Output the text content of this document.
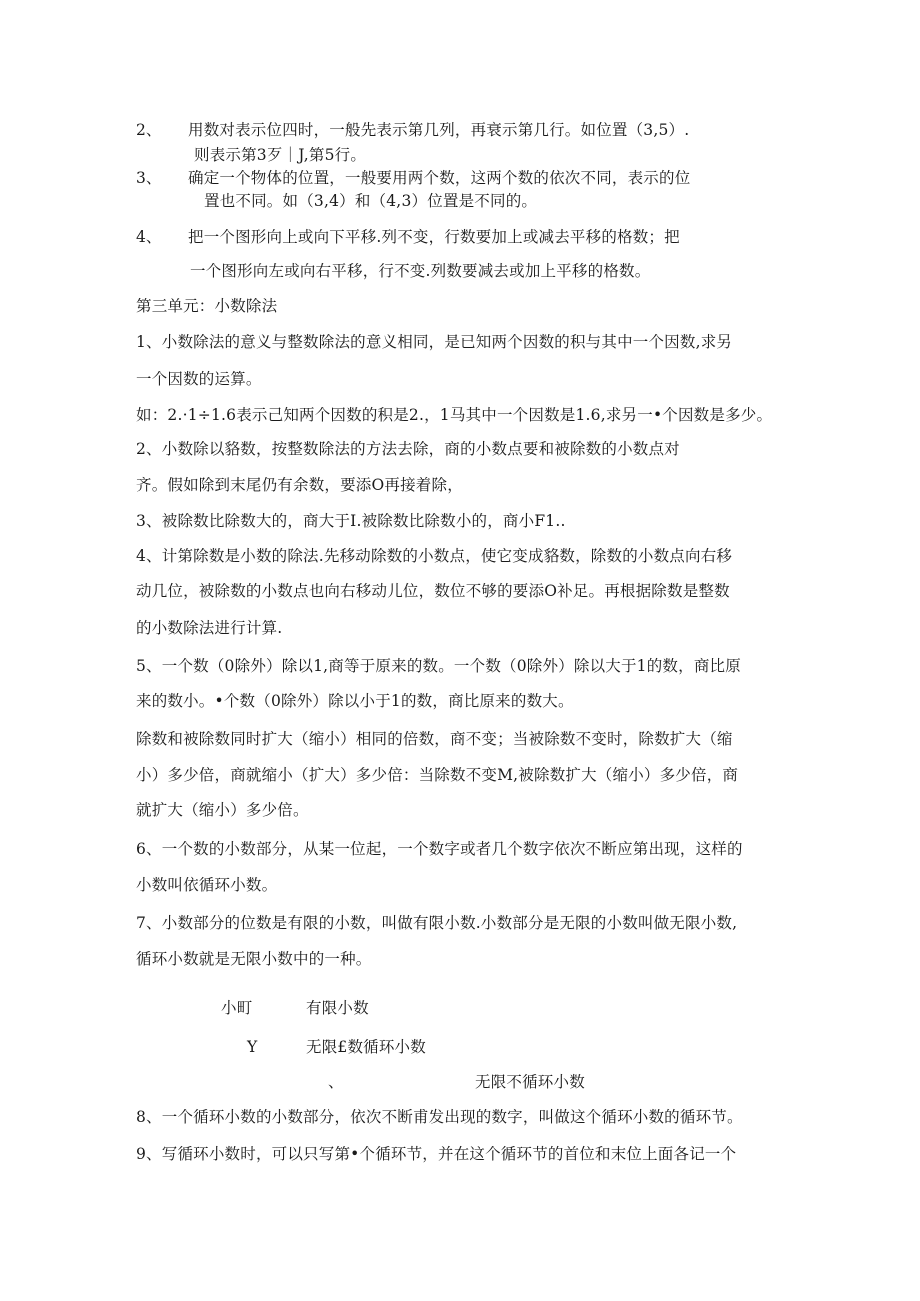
2、 用数对表示位四时，一般先表示第几列，再衰示第几行。如位置（3,5）.
则表示第3歹｜J,第5行。
3、 确定一个物体的位置，一般要用两个数，这两个数的依次不同，表示的位
置也不同。如（3,4）和（4,3）位置是不同的。
4、 把一个图形向上或向下平移.列不变，行数要加上或减去平移的格数；把
一个图形向左或向右平移，行不变.列数要减去或加上平移的格数。
第三单元：小数除法
1、小数除法的意义与整数除法的意义相同，是已知两个因数的积与其中一个因数,求另
一个因数的运算。
如：2.·1÷1.6表示己知两个因数的积是2.，1马其中一个因数是1.6,求另一•个因数是多少。
2、小数除以貉数，按整数除法的方法去除，商的小数点要和被除数的小数点对
齐。假如除到末尾仍有余数，要添O再接着除，
3、被除数比除数大的，商大于I.被除数比除数小的，商小F1..
4、计第除数是小数的除法.先移动除数的小数点，使它变成貉数，除数的小数点向右移
动几位，被除数的小数点也向右移动儿位，数位不够的要添O补足。再根据除数是整数
的小数除法进行计算.
5、一个数（0除外）除以1,商等于原来的数。一个数（0除外）除以大于1的数，商比原
来的数小。•个数（0除外）除以小于1的数，商比原来的数大。
除数和被除数同时扩大（缩小）相同的倍数，商不变；当被除数不变时，除数扩大（缩
小）多少倍，商就缩小（扩大）多少倍：当除数不变M,被除数扩大（缩小）多少倍，商
就扩大（缩小）多少倍。
6、一个数的小数部分，从某一位起，一个数字或者几个数字依次不断应第出现，这样的
小数叫依循环小数。
7、小数部分的位数是有限的小数，叫做有限小数.小数部分是无限的小数叫做无限小数,
循环小数就是无限小数中的一种。
小町	有限小数
Y	无限£数循环小数
、	无限不循环小数
8、一个循环小数的小数部分，依次不断甫发出现的数字，叫做这个循环小数的循环节。
9、写循环小数时，可以只写第•个循环节，并在这个循环节的首位和末位上面各记一个
